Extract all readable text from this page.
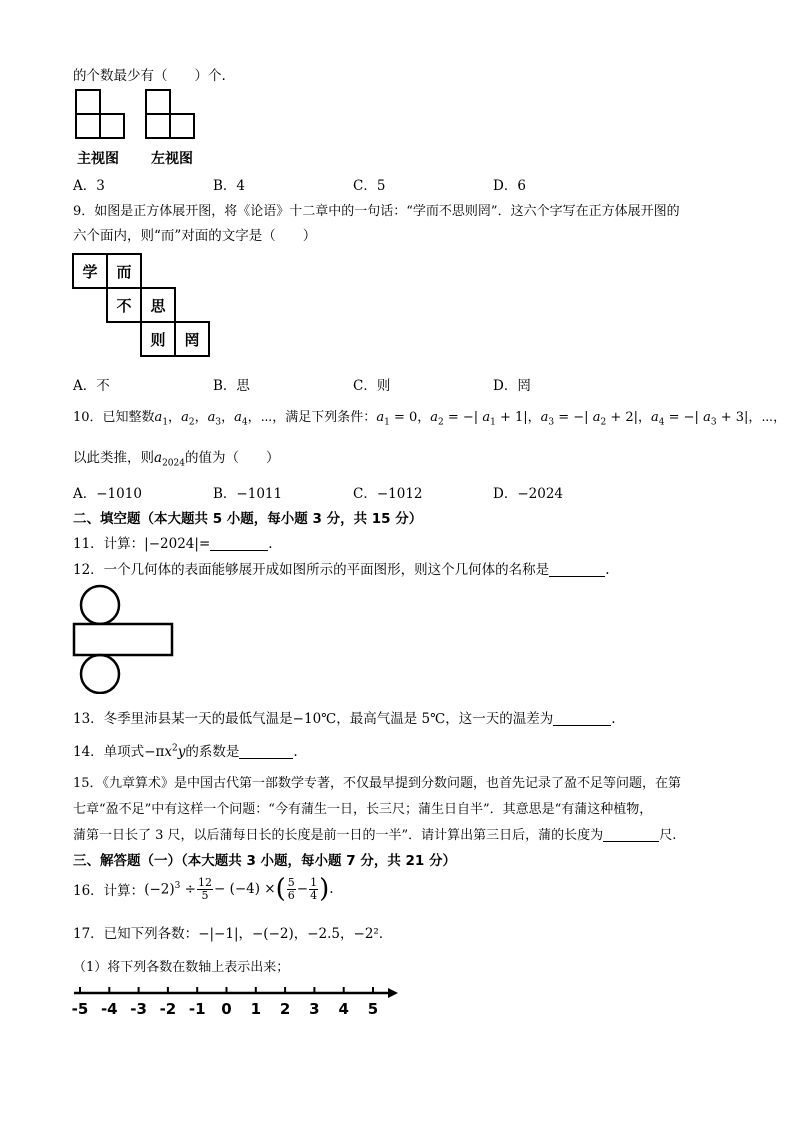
的个数最少有（　　）个.
主视图 左视图
A．3	B．4	C．5	D．6
9．如图是正方体展开图，将《论语》十二章中的一句话：“学而不思则罔”．这六个字写在正方体展开图的
六个面内，则“而”对面的文字是（　　）
学	而
不	思
则	罔
A．不	B．思	C．则	D．罔
10．已知整数$a_1$，$a_2$，$a_3$，$a_4$，⋯，满足下列条件：$a_1 = 0$，$a_2$ = −| $a_1 + 1|$，$a_3$ = −| $a_2 + 2|$，$a_4$ = −| $a_3 + 3|$，⋯，
以此类推，则$a_{2024}$的值为（　　）
A．−1010	B．−1011	C．−1012	D．−2024
二、填空题（本大题共 5 小题，每小题 3 分，共 15 分）
11．计算：|−2024|=	.
12．一个几何体的表面能够展开成如图所示的平面图形，则这个几何体的名称是	.
13．冬季里沛县某一天的最低气温是−10℃，最高气温是 5℃，这一天的温差为	.
14．单项式$-\pi x^2y$的系数是	.
15．《九章算术》是中国古代第一部数学专著，不仅最早提到分数问题，也首先记录了盈不足等问题，在第
七章“盈不足”中有这样一个问题：“今有蒲生一日，长三尺；蒲生日自半”．其意思是“有蒲这种植物，
蒲第一日长了 3 尺，以后蒲每日长的长度是前一日的一半”．请计算出第三日后，蒲的长度为	尺.
三、解答题（一）（本大题共 3 小题，每小题 7 分，共 21 分）
16．计算： $(-2)^3 \div \frac{12}{5} - (-4)$ × ( $\frac{5}{6} - \frac{1}{4}$ ) .
17．已知下列各数：−|−1|，−(−2)，−2.5，−2²．
（1）将下列各数在数轴上表示出来；
-5 -4 -3 -2 -1 0 1 2 3 4 5
